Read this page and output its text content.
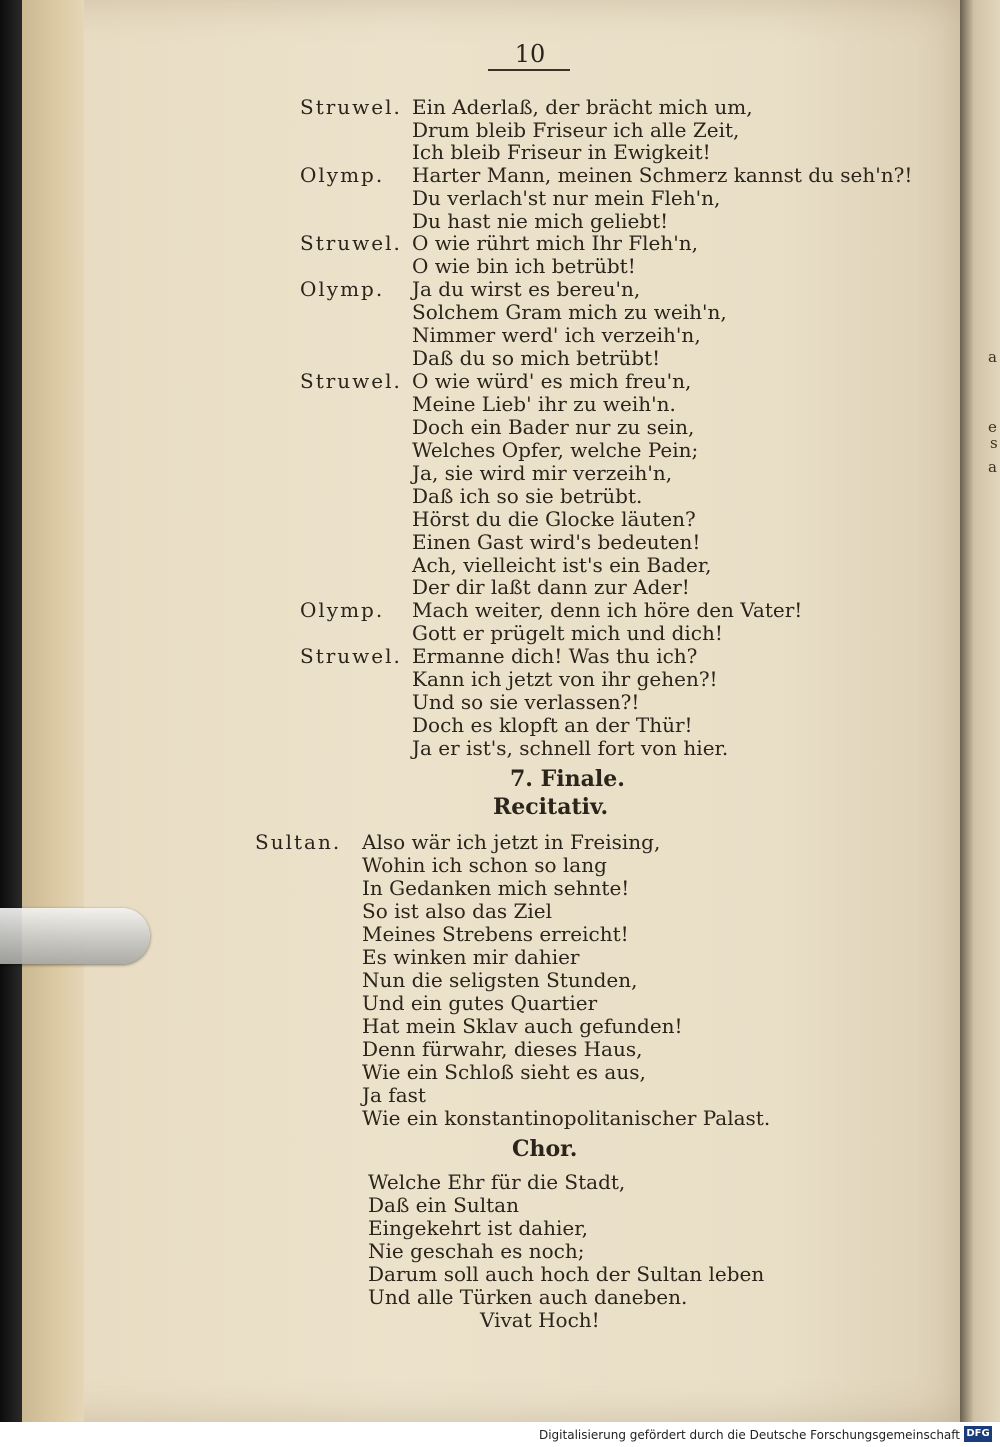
a
e
s
a
10
Struwel.
Olymp.
Struwel.
Olymp.
Struwel.
Olymp.
Struwel.
Ein Aderlaß, der brächt mich um,
Drum bleib Friseur ich alle Zeit,
Ich bleib Friseur in Ewigkeit!
Harter Mann, meinen Schmerz kannst du seh'n?!
Du verlach'st nur mein Fleh'n,
Du hast nie mich geliebt!
O wie rührt mich Ihr Fleh'n,
O wie bin ich betrübt!
Ja du wirst es bereu'n,
Solchem Gram mich zu weih'n,
Nimmer werd' ich verzeih'n,
Daß du so mich betrübt!
O wie würd' es mich freu'n,
Meine Lieb' ihr zu weih'n.
Doch ein Bader nur zu sein,
Welches Opfer, welche Pein;
Ja, sie wird mir verzeih'n,
Daß ich so sie betrübt.
Hörst du die Glocke läuten?
Einen Gast wird's bedeuten!
Ach, vielleicht ist's ein Bader,
Der dir laßt dann zur Ader!
Mach weiter, denn ich höre den Vater!
Gott er prügelt mich und dich!
Ermanne dich! Was thu ich?
Kann ich jetzt von ihr gehen?!
Und so sie verlassen?!
Doch es klopft an der Thür!
Ja er ist's, schnell fort von hier.
7. Finale.
Recitativ.
Sultan. Also wär ich jetzt in Freising,
Wohin ich schon so lang
In Gedanken mich sehnte!
So ist also das Ziel
Meines Strebens erreicht!
Es winken mir dahier
Nun die seligsten Stunden,
Und ein gutes Quartier
Hat mein Sklav auch gefunden!
Denn fürwahr, dieses Haus,
Wie ein Schloß sieht es aus,
Ja fast
Wie ein konstantinopolitanischer Palast.
Chor.
Welche Ehr für die Stadt,
Daß ein Sultan
Eingekehrt ist dahier,
Nie geschah es noch;
Darum soll auch hoch der Sultan leben
Und alle Türken auch daneben.
Vivat Hoch!
Digitalisierung gefördert durch die Deutsche Forschungsgemeinschaft DFG
